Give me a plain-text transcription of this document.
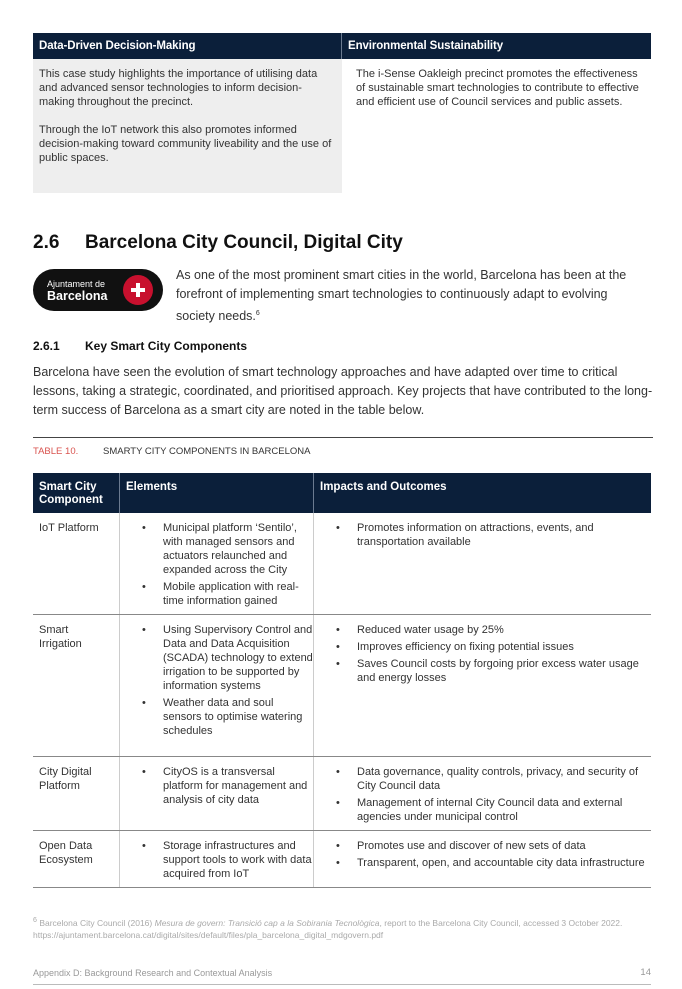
Data-Driven Decision-Making	Environmental Sustainability

This case study highlights the importance of utilising data and advanced sensor technologies to inform decision-making throughout the precinct.

Through the IoT network this also promotes informed decision-making toward community liveability and the use of public spaces.

The i-Sense Oakleigh precinct promotes the effectiveness of sustainable smart technologies to contribute to effective and efficient use of Council services and public assets.

2.6 Barcelona City Council, Digital City
Ajuntament de
Barcelona

As one of the most prominent smart cities in the world, Barcelona has been at the forefront of implementing smart technologies to continuously adapt to evolving society needs.$^6$

2.6.1 Key Smart City Components

Barcelona have seen the evolution of smart technology approaches and have adapted over time to critical lessons, taking a strategic, coordinated, and prioritised approach. Key projects that have contributed to the long-term success of Barcelona as a smart city are noted in the table below.

TABLE 10.	SMARTY CITY COMPONENTS IN BARCELONA
Smart City Component
Elements	Impacts and Outcomes
IoT Platform
•	Municipal platform ‘Sentilo’, with managed sensors and actuators relaunched and expanded across the City
• Mobile application with real-time information gained
• Promotes information on attractions, events, and transportation available
Smart Irrigation
• Using Supervisory Control and Data and Data Acquisition (SCADA) technology to extend irrigation to be supported by information systems
• Weather data and soul sensors to optimise watering schedules
• Reduced water usage by 25%
• Improves efficiency on fixing potential issues
• Saves Council costs by forgoing prior excess water usage and energy losses
City Digital Platform
• CityOS is a transversal platform for management and analysis of city data
• Data governance, quality controls, privacy, and security of City Council data
• Management of internal City Council data and external agencies under municipal control
Open Data Ecosystem
• Storage infrastructures and support tools to work with data acquired from IoT
• Promotes use and discover of new sets of data
• Transparent, open, and accountable city data infrastructure

$^6$ Barcelona City Council (2016) Mesura de govern: Transició cap a la Sobirania Tecnològica, report to the Barcelona City Council, accessed 3 October 2022. https://ajuntament.barcelona.cat/digital/sites/default/files/pla_barcelona_digital_mdgovern.pdf

Appendix D: Background Research and Contextual Analysis	14
